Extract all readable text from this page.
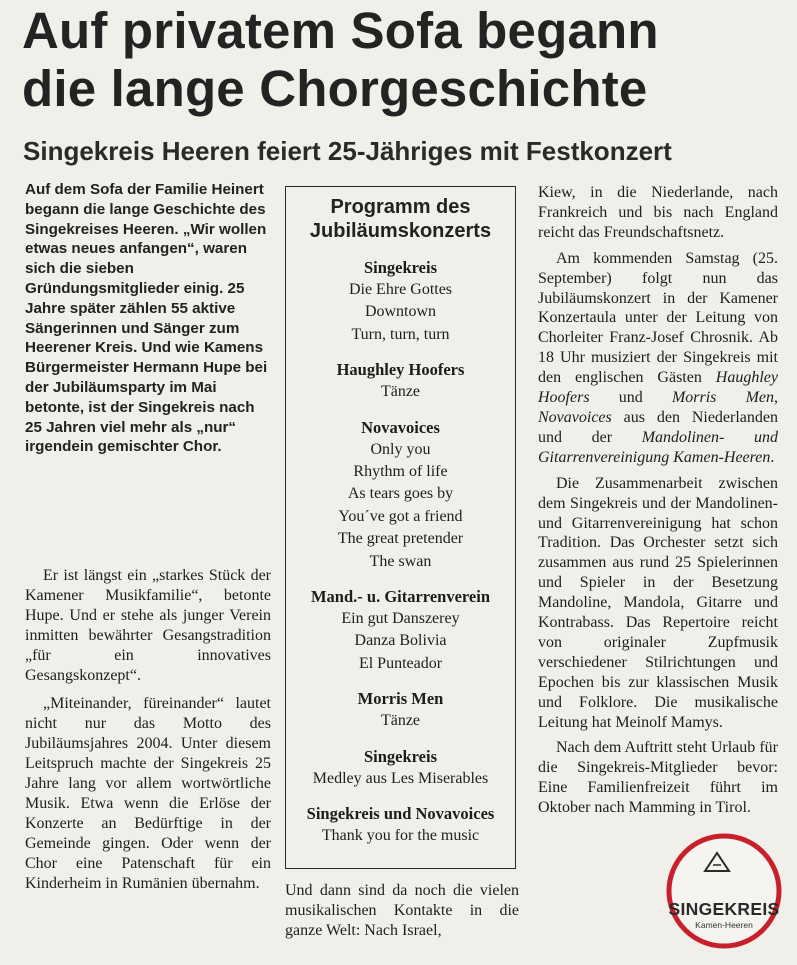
Auf privatem Sofa begann
die lange Chorgeschichte
Singekreis Heeren feiert 25-Jähriges mit Festkonzert

Auf dem Sofa der Familie Heinert begann die lange Geschichte des Singekreises Heeren. „Wir wollen etwas neues anfangen“, waren sich die sieben Gründungsmitglieder einig. 25 Jahre später zählen 55 aktive Sängerinnen und Sänger zum Heerener Kreis. Und wie Kamens Bürgermeister Hermann Hupe bei der Jubiläumsparty im Mai betonte, ist der Singekreis nach 25 Jahren viel mehr als „nur“ irgendein gemischter Chor.

Er ist längst ein „starkes Stück der Kamener Musikfamilie“, betonte Hupe. Und er stehe als junger Verein inmitten bewährter Gesangstradition „für ein innovatives Gesangskonzept“.

„Miteinander, füreinander“ lautet nicht nur das Motto des Jubiläumsjahres 2004. Unter diesem Leitspruch machte der Singekreis 25 Jahre lang vor allem wortwörtliche Musik. Etwa wenn die Erlöse der Konzerte an Bedürftige in der Gemeinde gingen. Oder wenn der Chor eine Patenschaft für ein Kinderheim in Rumänien übernahm.

Programm des
Jubiläumskonzerts
Singekreis
Die Ehre Gottes
Downtown
Turn, turn, turn
Haughley Hoofers
Tänze
Novavoices
Only you
Rhythm of life
As tears goes by
You´ve got a friend
The great pretender
The swan
Mand.- u. Gitarrenverein
Ein gut Danszerey
Danza Bolivia
El Punteador
Morris Men
Tänze
Singekreis
Medley aus Les Miserables
Singekreis und Novavoices
Thank you for the music

Und dann sind da noch die vielen musikalischen Kontakte in die ganze Welt: Nach Israel,

Kiew, in die Niederlande, nach Frankreich und bis nach England reicht das Freundschaftsnetz.

Am kommenden Samstag (25. September) folgt nun das Jubiläumskonzert in der Kamener Konzertaula unter der Leitung von Chorleiter Franz-Josef Chrosnik. Ab 18 Uhr musiziert der Singekreis mit den englischen Gästen Haughley Hoofers und Morris Men, Novavoices aus den Niederlanden und der Mandolinen- und Gitarrenvereinigung Kamen-Heeren.

Die Zusammenarbeit zwischen dem Singekreis und der Mandolinen- und Gitarrenvereinigung hat schon Tradition. Das Orchester setzt sich zusammen aus rund 25 Spielerinnen und Spieler in der Besetzung Mandoline, Mandola, Gitarre und Kontrabass. Das Repertoire reicht von originaler Zupfmusik verschiedener Stilrichtungen und Epochen bis zur klassischen Musik und Folklore. Die musikalische Leitung hat Meinolf Mamys.

Nach dem Auftritt steht Urlaub für die Singekreis-Mitglieder bevor: Eine Familienfreizeit führt im Oktober nach Mamming in Tirol.

SINGEKREIS
Kamen-Heeren
